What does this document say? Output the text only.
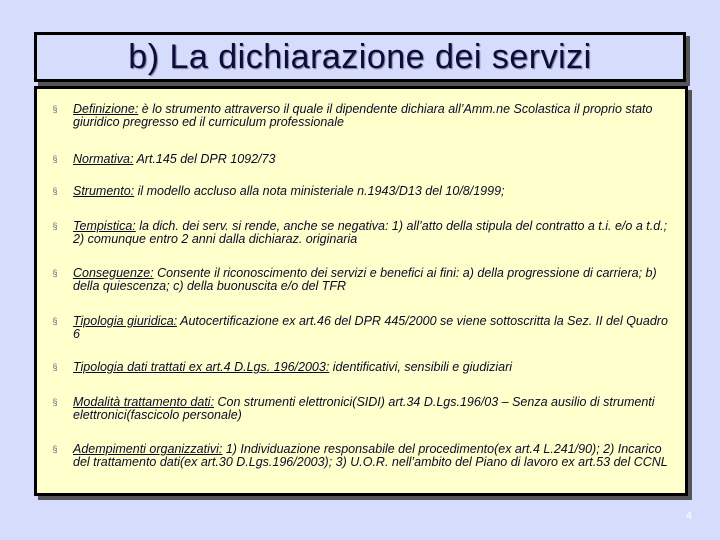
b) La dichiarazione dei servizi
§	Definizione: è lo strumento attraverso il quale il dipendente dichiara all’Amm.ne Scolastica il proprio stato giuridico pregresso ed il curriculum professionale
§	Normativa: Art.145 del DPR 1092/73
§	Strumento: il modello accluso alla nota ministeriale n.1943/D13 del 10/8/1999;
§	Tempistica: la dich. dei serv. si rende, anche se negativa: 1) all’atto della stipula del contratto a t.i. e/o a t.d.; 2) comunque entro 2 anni dalla dichiaraz. originaria
§	Conseguenze: Consente il riconoscimento dei servizi e benefici ai fini: a) della progressione di carriera; b) della quiescenza; c) della buonuscita e/o del TFR
§	Tipologia giuridica: Autocertificazione ex art.46 del DPR 445/2000 se viene sottoscritta la Sez. II del Quadro 6
§	Tipologia dati trattati ex art.4 D.Lgs. 196/2003: identificativi, sensibili e giudiziari
§	Modalità trattamento dati: Con strumenti elettronici(SIDI) art.34 D.Lgs.196/03 – Senza ausilio di strumenti elettronici(fascicolo personale)
§	Adempimenti organizzativi: 1) Individuazione responsabile del procedimento(ex art.4 L.241/90); 2) Incarico del trattamento dati(ex art.30 D.Lgs.196/2003); 3) U.O.R. nell’ambito del Piano di lavoro ex art.53 del CCNL
4
